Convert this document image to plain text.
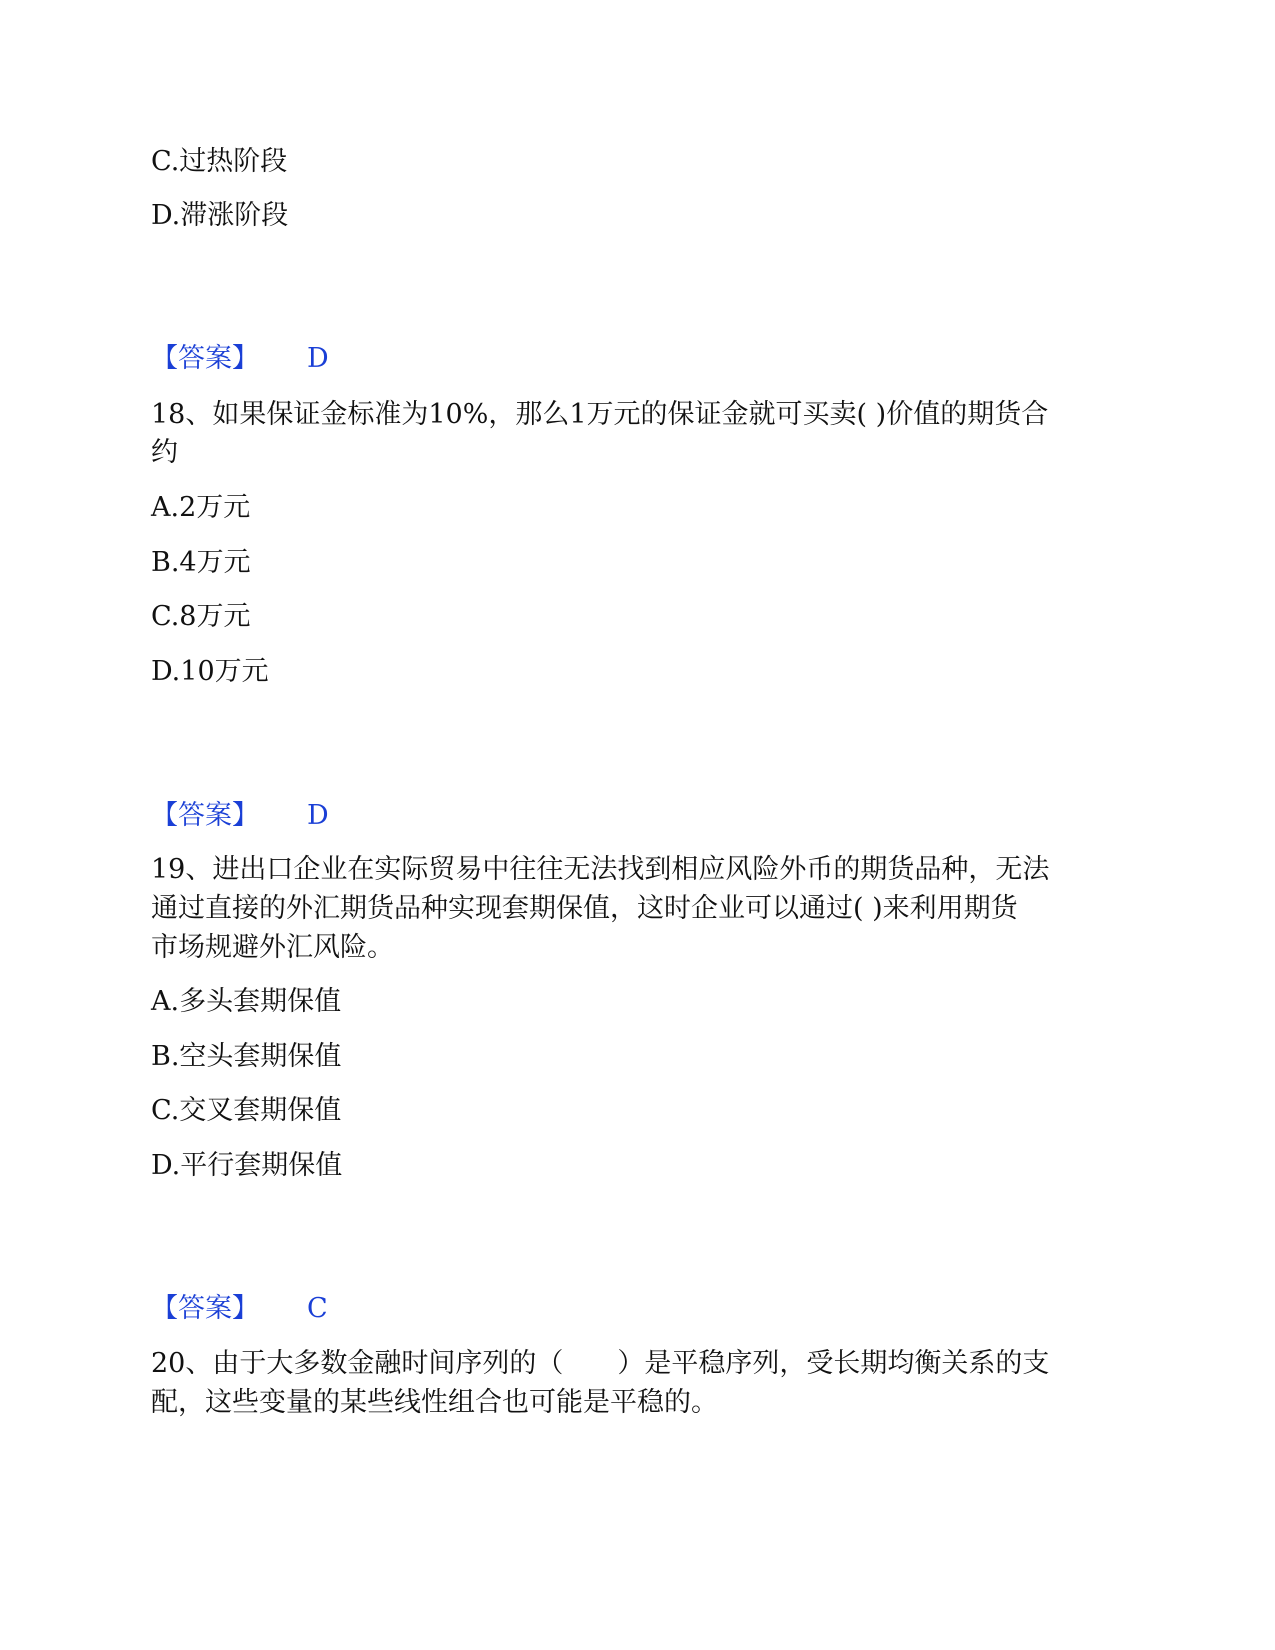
C.过热阶段
D.滞涨阶段
【答案】 D
18、如果保证金标准为10%，那么1万元的保证金就可买卖( )价值的期货合
约
A.2万元
B.4万元
C.8万元
D.10万元
【答案】 D
19、进出口企业在实际贸易中往往无法找到相应风险外币的期货品种，无法
通过直接的外汇期货品种实现套期保值，这时企业可以通过( )来利用期货
市场规避外汇风险。
A.多头套期保值
B.空头套期保值
C.交叉套期保值
D.平行套期保值
【答案】 C
20、由于大多数金融时间序列的（　　）是平稳序列，受长期均衡关系的支
配，这些变量的某些线性组合也可能是平稳的。
